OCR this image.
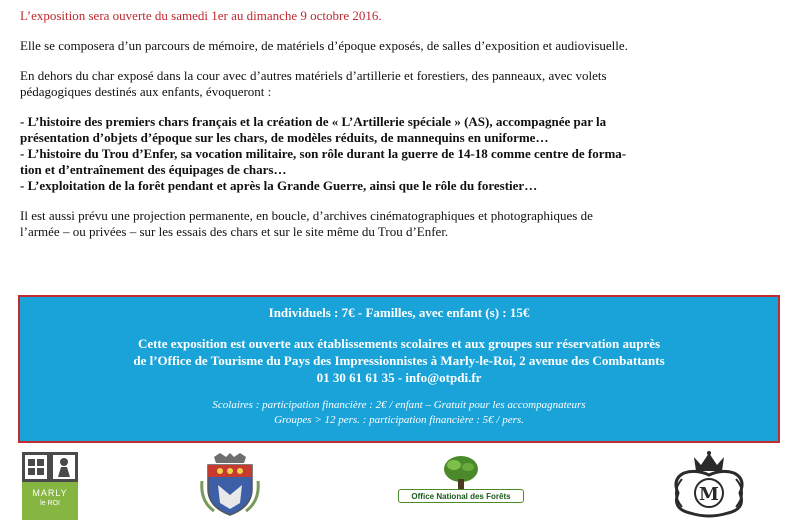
L’exposition sera ouverte du samedi 1er au dimanche 9 octobre 2016.

Elle se composera d’un parcours de mémoire, de matériels d’époque exposés, de salles d’exposition et audiovisuelle.

En dehors du char exposé dans la cour avec d’autres matériels d’artillerie et forestiers, des panneaux, avec volets

pédagogiques destinés aux enfants, évoqueront :

- L’histoire des premiers chars français et la création de « L’Artillerie spéciale » (AS), accompagnée par la

présentation d’objets d’époque sur les chars, de modèles réduits, de mannequins en uniforme…

- L’histoire du Trou d’Enfer, sa vocation militaire, son rôle durant la guerre de 14-18 comme centre de forma-

tion et d’entraînement des équipages de chars…

- L’exploitation de la forêt pendant et après la Grande Guerre, ainsi que le rôle du forestier…

Il est aussi prévu une projection permanente, en boucle, d’archives cinématographiques et photographiques de

l’armée – ou privées – sur les essais des chars et sur le site même du Trou d’Enfer.

Individuels : 7€ - Familles, avec enfant (s) : 15€
Cette exposition est ouverte aux établissements scolaires et aux groupes sur réservation auprès
de l’Office de Tourisme du Pays des Impressionnistes à Marly-le-Roi, 2 avenue des Combattants
01 30 61 61 35 - info@otpdi.fr
Scolaires : participation financière : 2€ / enfant – Gratuit pour les accompagnateurs
Groupes > 12 pers. : participation financière : 5€ / pers.
MARLY
le ROI
Office National des Forêts	M
